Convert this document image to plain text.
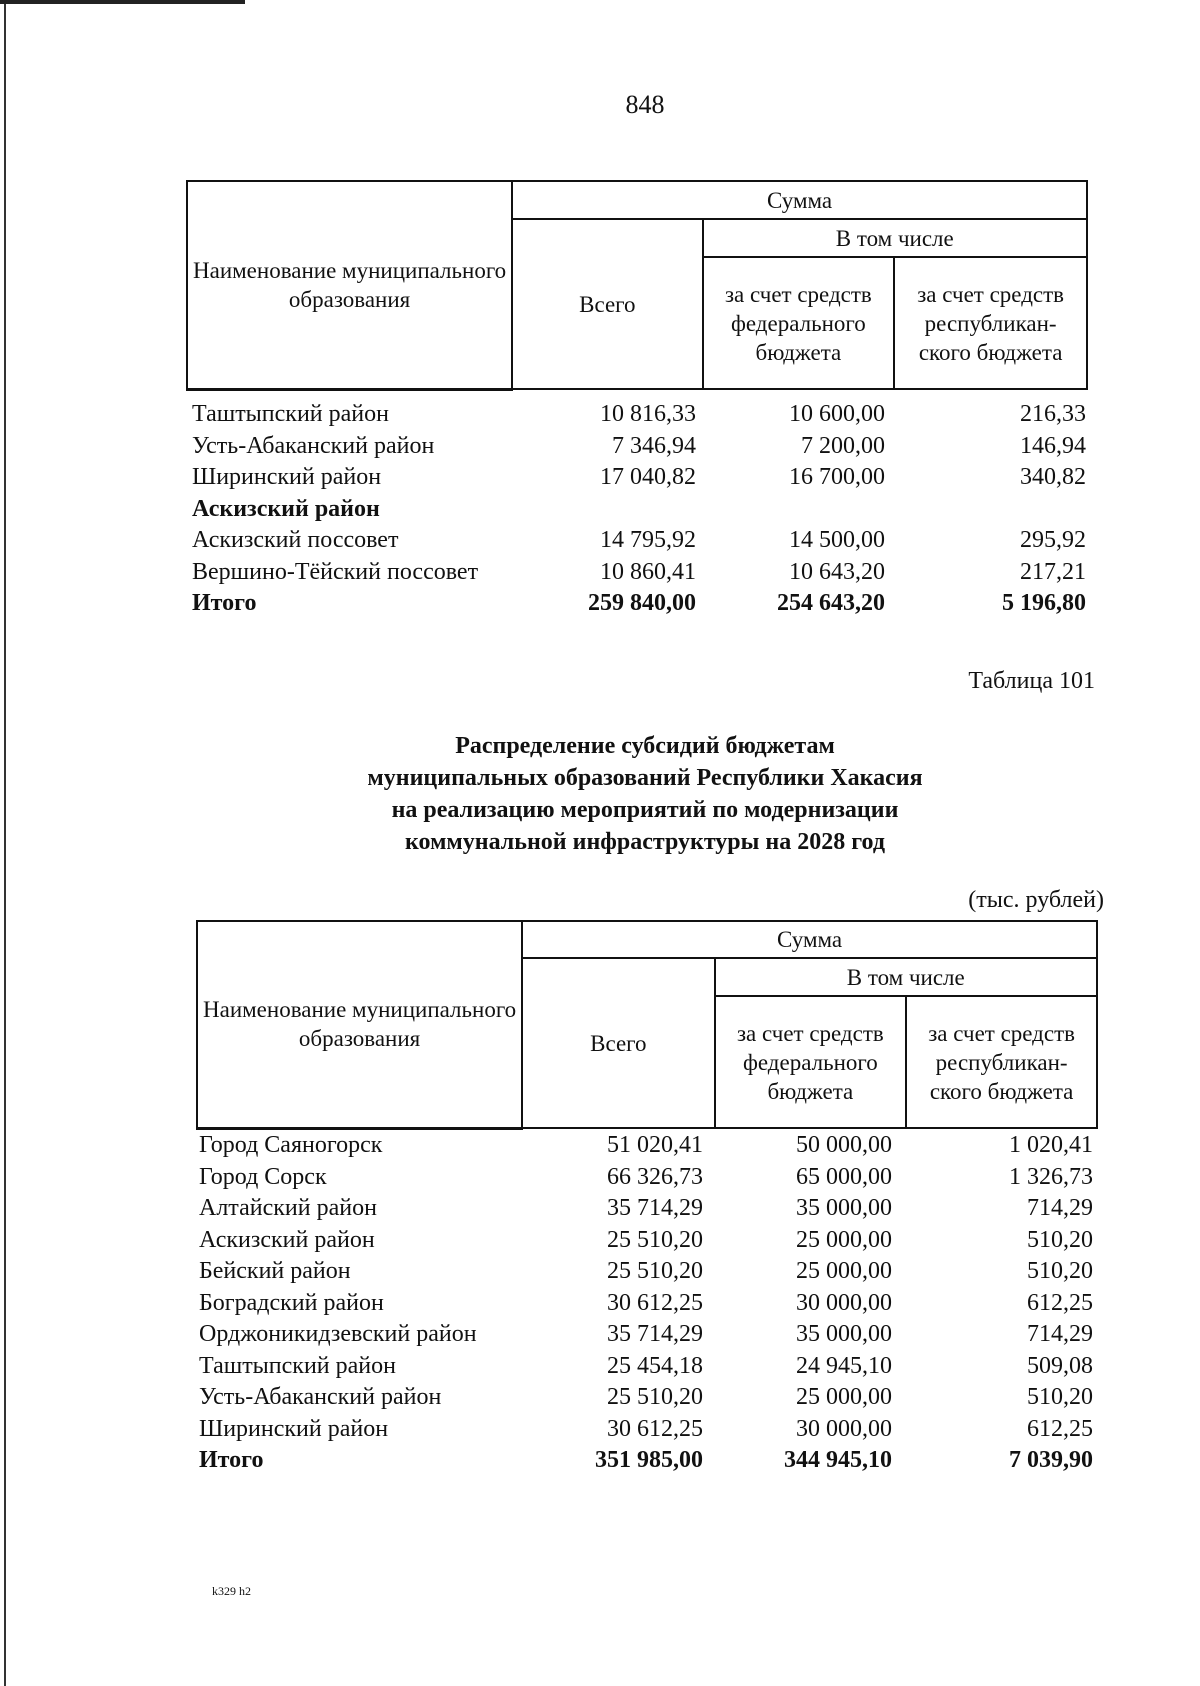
848
Наименование муниципального образования	Сумма		
	Всего	В том числе	
		за счет средств федерального бюджета	за счет средств республикан-ского бюджета
Таштыпский район	10 816,33	10 600,00	216,33
Усть-Абаканский район	7 346,94	7 200,00	146,94
Ширинский район	17 040,82	16 700,00	340,82
Аскизский район
Аскизский поссовет	14 795,92	14 500,00	295,92
Вершино-Тёйский поссовет	10 860,41	10 643,20	217,21
Итого	259 840,00	254 643,20	5 196,80
Таблица 101
Распределение субсидий бюджетам
муниципальных образований Республики Хакасия
на реализацию мероприятий по модернизации
коммунальной инфраструктуры на 2028 год
(тыс. рублей)
Наименование муниципального образования	Сумма		
	Всего	В том числе	
		за счет средств федерального бюджета	за счет средств республикан-ского бюджета
Город Саяногорск	51 020,41	50 000,00	1 020,41
Город Сорск	66 326,73	65 000,00	1 326,73
Алтайский район	35 714,29	35 000,00	714,29
Аскизский район	25 510,20	25 000,00	510,20
Бейский район	25 510,20	25 000,00	510,20
Боградский район	30 612,25	30 000,00	612,25
Орджоникидзевский район	35 714,29	35 000,00	714,29
Таштыпский район	25 454,18	24 945,10	509,08
Усть-Абаканский район	25 510,20	25 000,00	510,20
Ширинский район	30 612,25	30 000,00	612,25
Итого	351 985,00	344 945,10	7 039,90
k329 h2
